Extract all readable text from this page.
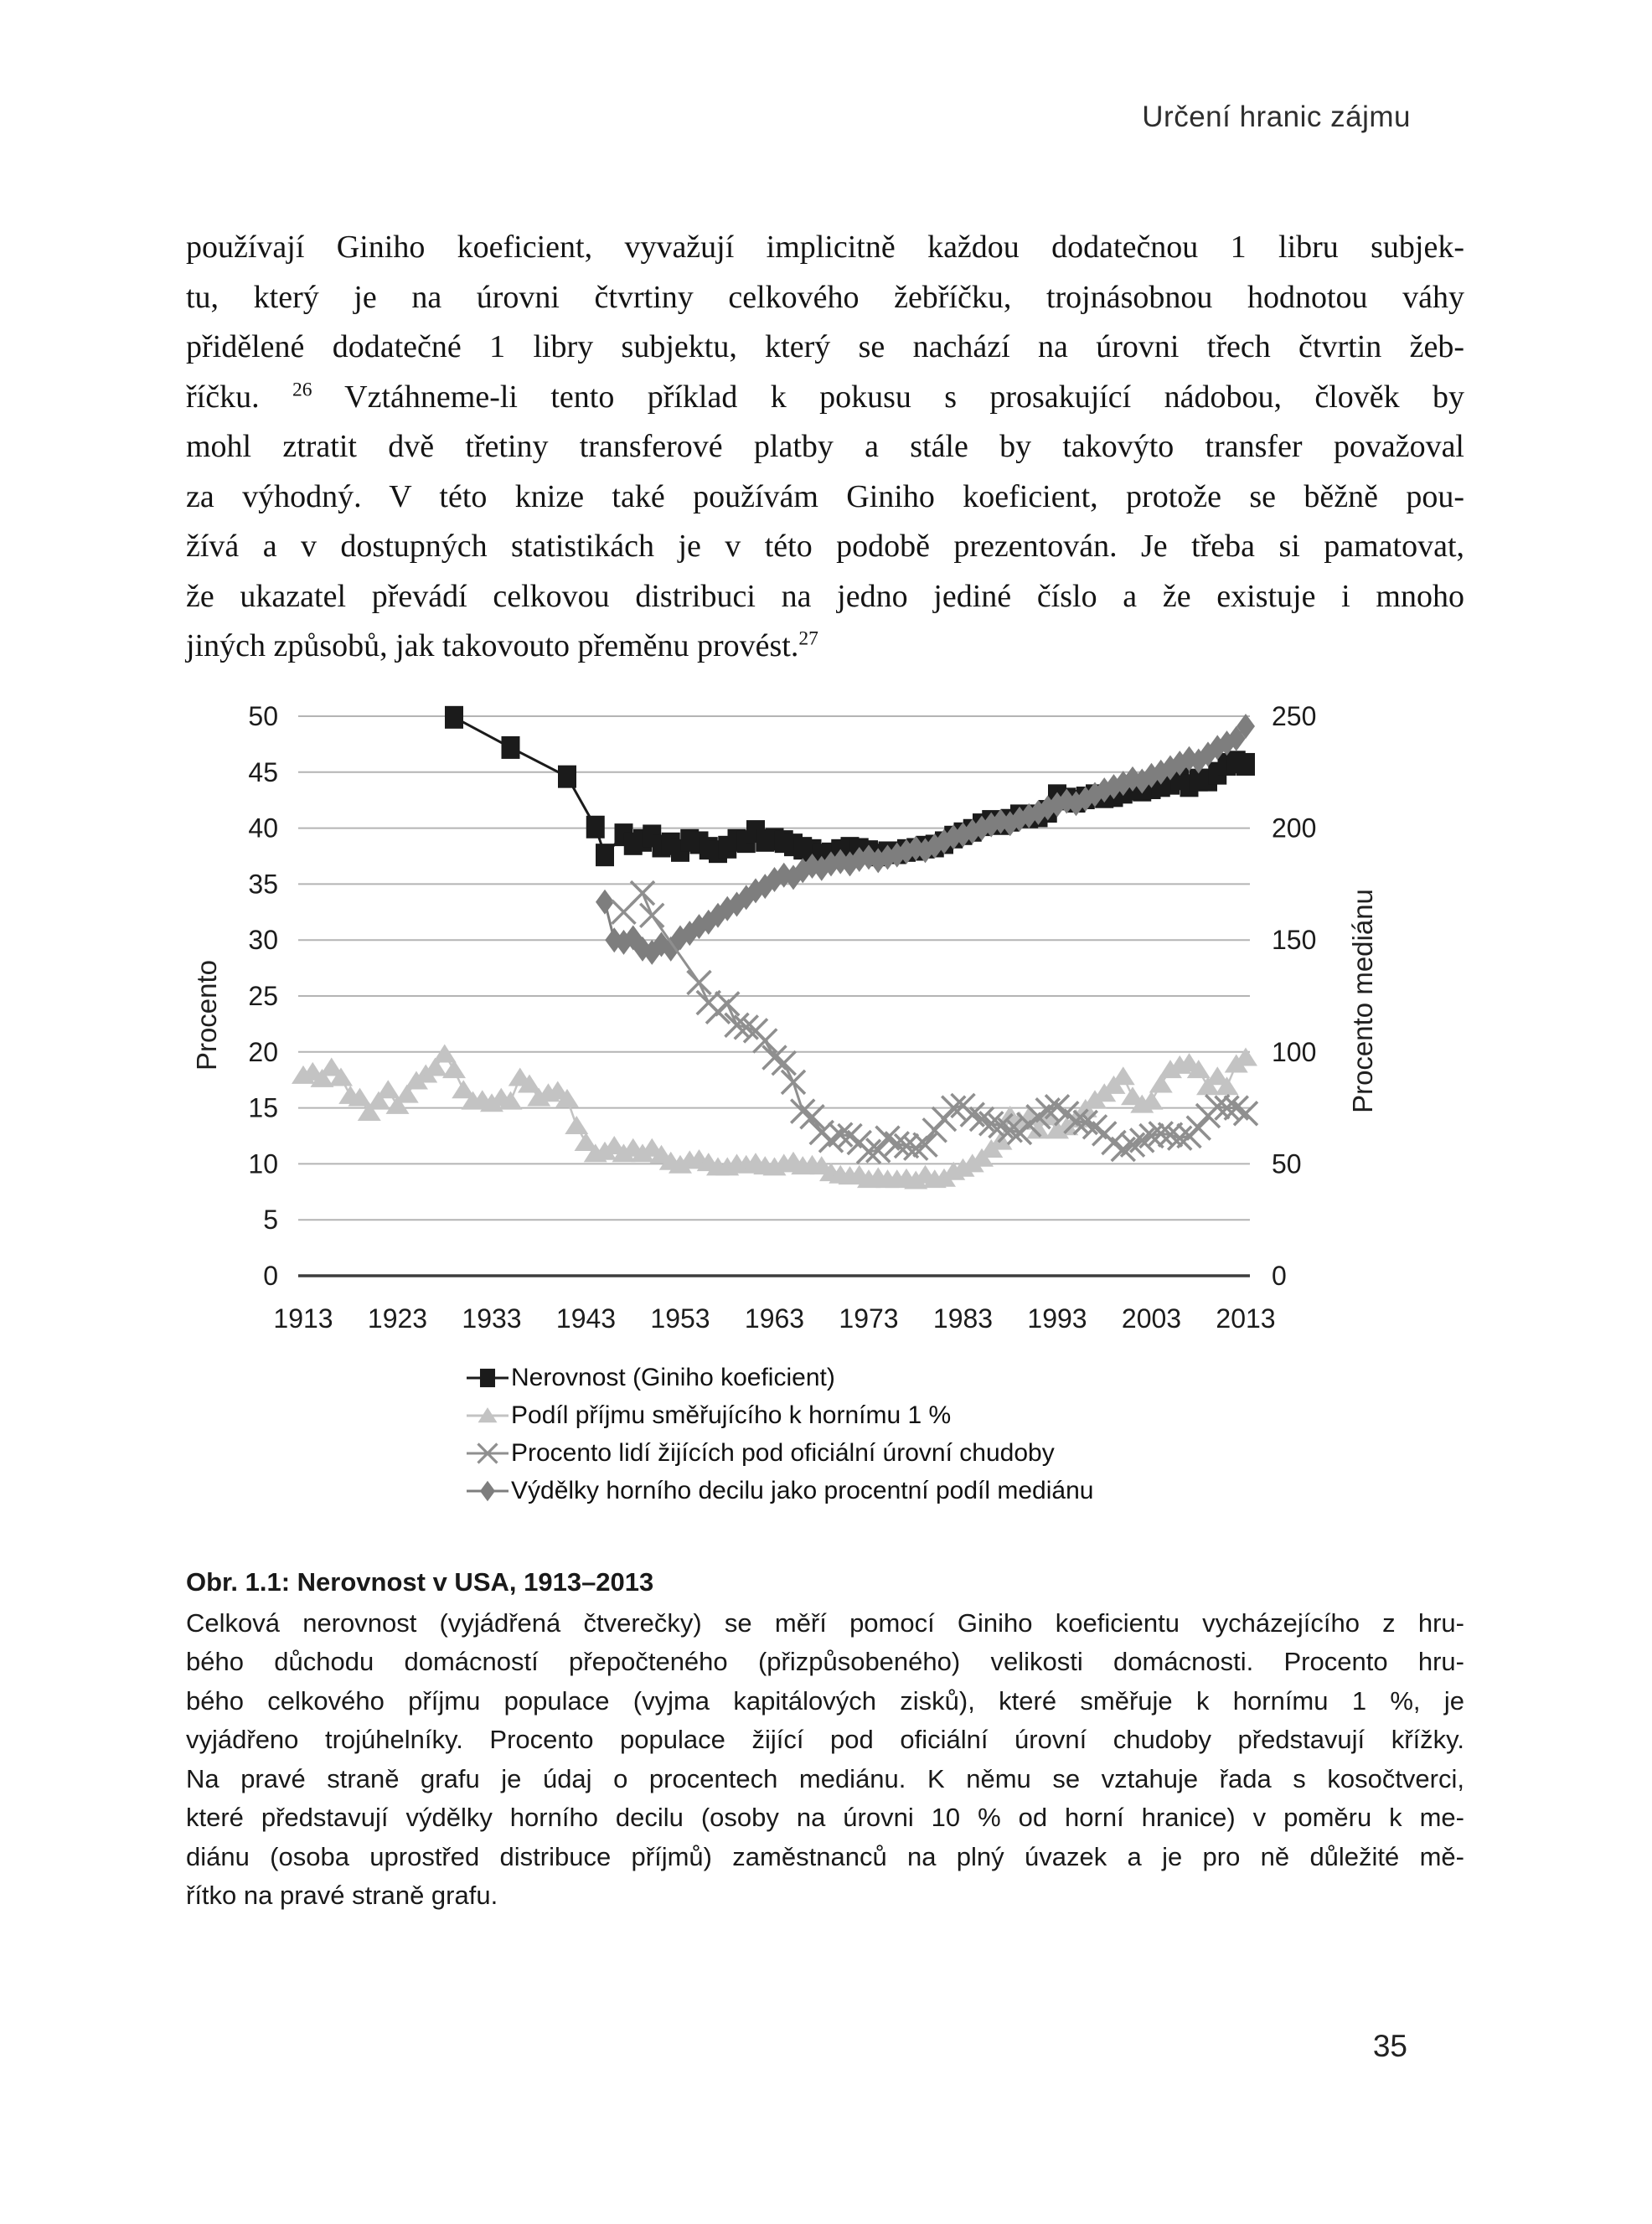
Určení hranic zájmu
používají Giniho koeficient, vyvažují implicitně každou dodatečnou 1 libru subjek-
tu, který je na úrovni čtvrtiny celkového žebříčku, trojnásobnou hodnotou váhy
přidělené dodatečné 1 libry subjektu, který se nachází na úrovni třech čtvrtin žeb-
říčku. $^{26}$ Vztáhneme-li tento příklad k pokusu s prosakující nádobou, člověk by
mohl ztratit dvě třetiny transferové platby a stále by takovýto transfer považoval
za výhodný. V této knize také používám Giniho koeficient, protože se běžně pou-
žívá a v dostupných statistikách je v této podobě prezentován. Je třeba si pamatovat,
že ukazatel převádí celkovou distribuci na jedno jediné číslo a že existuje i mnoho
jiných způsobů, jak takovouto přeměnu provést.$^{27}$
0
5
10
15
20
25
30
35
40
45
50
0
50
100
150
200
250
1913 1923 1933 1943 1953 1963 1973 1983 1993 2003 2013
Procento	Procento mediánu
Nerovnost (Giniho koeficient)
Podíl příjmu směřujícího k hornímu 1 %
Procento lidí žijících pod oficiální úrovní chudoby
Výdělky horního decilu jako procentní podíl mediánu
Obr. 1.1: Nerovnost v USA, 1913–2013
Celková nerovnost (vyjádřená čtverečky) se měří pomocí Giniho koeficientu vycházejícího z hru-
bého důchodu domácností přepočteného (přizpůsobeného) velikosti domácnosti. Procento hru-
bého celkového příjmu populace (vyjma kapitálových zisků), které směřuje k hornímu 1 %, je
vyjádřeno trojúhelníky. Procento populace žijící pod oficiální úrovní chudoby představují křížky.
Na pravé straně grafu je údaj o procentech mediánu. K němu se vztahuje řada s kosočtverci,
které představují výdělky horního decilu (osoby na úrovni 10 % od horní hranice) v poměru k me-
diánu (osoba uprostřed distribuce příjmů) zaměstnanců na plný úvazek a je pro ně důležité mě-
řítko na pravé straně grafu.
35
